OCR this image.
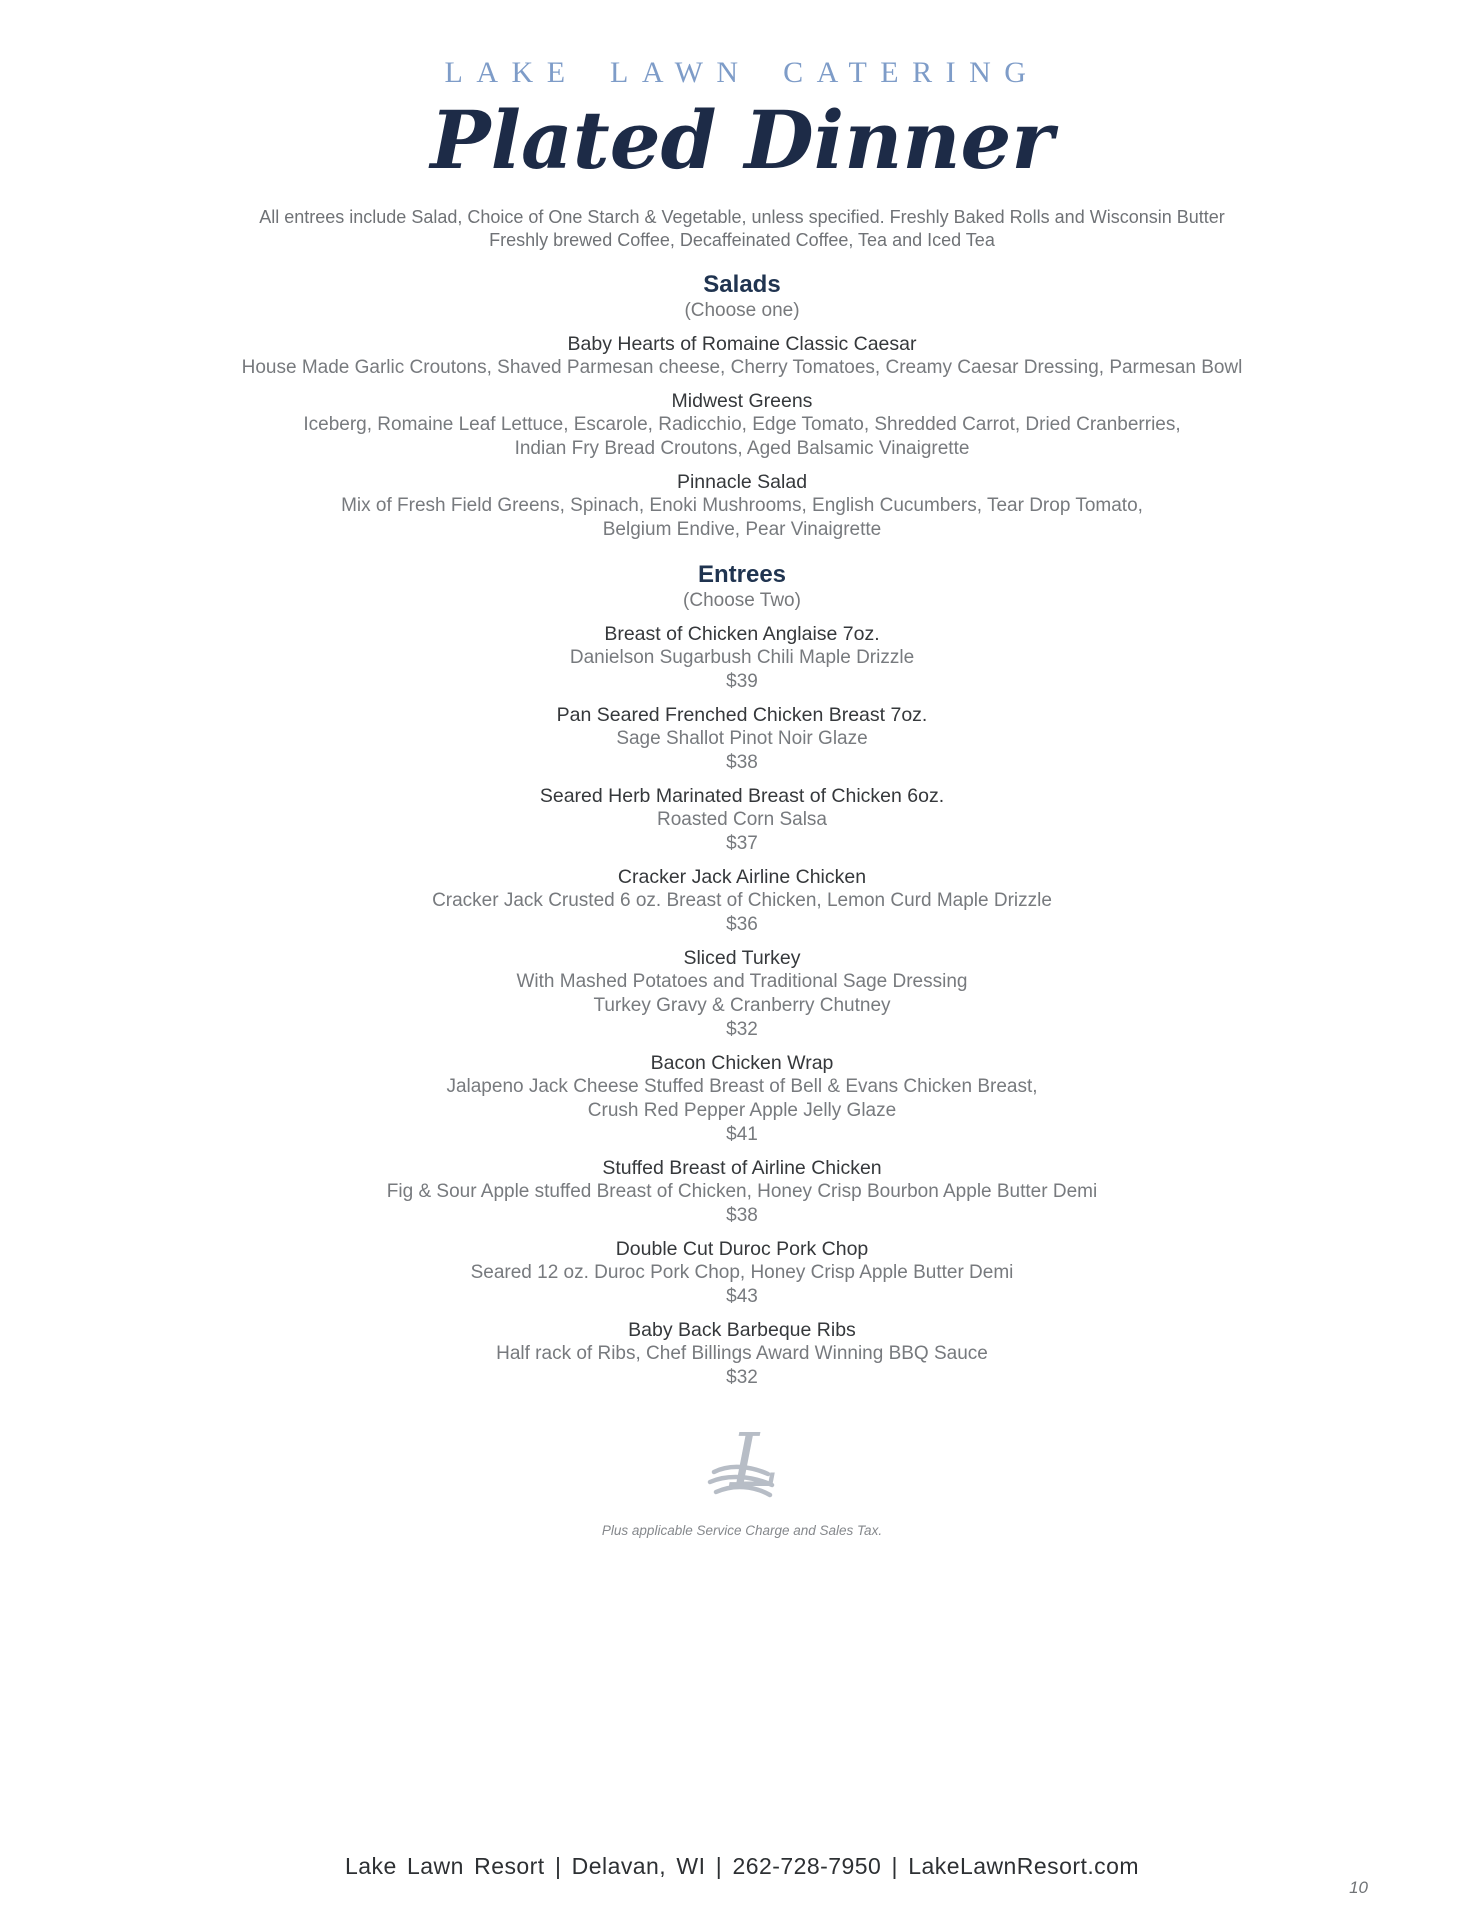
LAKE LAWN CATERING
Plated Dinner
All entrees include Salad, Choice of One Starch & Vegetable, unless specified. Freshly Baked Rolls and Wisconsin Butter
Freshly brewed Coffee, Decaffeinated Coffee, Tea and Iced Tea
Salads
(Choose one)
Baby Hearts of Romaine Classic Caesar
House Made Garlic Croutons, Shaved Parmesan cheese, Cherry Tomatoes, Creamy Caesar Dressing, Parmesan Bowl
Midwest Greens
Iceberg, Romaine Leaf Lettuce, Escarole, Radicchio, Edge Tomato, Shredded Carrot, Dried Cranberries,
Indian Fry Bread Croutons, Aged Balsamic Vinaigrette
Pinnacle Salad
Mix of Fresh Field Greens, Spinach, Enoki Mushrooms, English Cucumbers, Tear Drop Tomato,
Belgium Endive, Pear Vinaigrette
Entrees
(Choose Two)
Breast of Chicken Anglaise 7oz.
Danielson Sugarbush Chili Maple Drizzle
$39
Pan Seared Frenched Chicken Breast 7oz.
Sage Shallot Pinot Noir Glaze
$38
Seared Herb Marinated Breast of Chicken 6oz.
Roasted Corn Salsa
$37
Cracker Jack Airline Chicken
Cracker Jack Crusted 6 oz. Breast of Chicken, Lemon Curd Maple Drizzle
$36
Sliced Turkey
With Mashed Potatoes and Traditional Sage Dressing
Turkey Gravy & Cranberry Chutney
$32
Bacon Chicken Wrap
Jalapeno Jack Cheese Stuffed Breast of Bell & Evans Chicken Breast,
Crush Red Pepper Apple Jelly Glaze
$41
Stuffed Breast of Airline Chicken
Fig & Sour Apple stuffed Breast of Chicken, Honey Crisp Bourbon Apple Butter Demi
$38
Double Cut Duroc Pork Chop
Seared 12 oz. Duroc Pork Chop, Honey Crisp Apple Butter Demi
$43
Baby Back Barbeque Ribs
Half rack of Ribs, Chef Billings Award Winning BBQ Sauce
$32
L
Plus applicable Service Charge and Sales Tax.
Lake Lawn Resort | Delavan, WI | 262-728-7950 | LakeLawnResort.com
10
